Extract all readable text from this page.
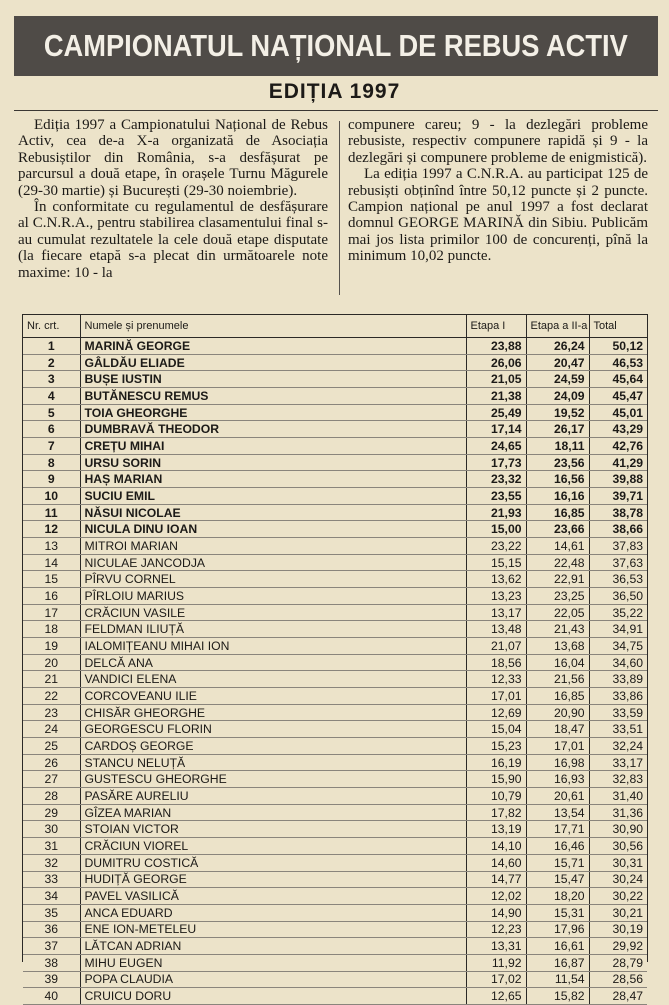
CAMPIONATUL NAȚIONAL DE REBUS ACTIV
EDIȚIA 1997

Ediția 1997 a Campionatului Național de Rebus Activ, cea de-a X-a organizată de Asociația Rebusiștilor din România, s-a desfășurat pe parcursul a două etape, în orașele Turnu Măgurele (29-30 martie) și București (29-30 noiembrie).

În conformitate cu regulamentul de desfășurare al C.N.R.A., pentru stabilirea clasamentului final s-au cumulat rezultatele la cele două etape disputate (la fiecare etapă s-a plecat din următoarele note maxime: 10 - la

compunere careu; 9 - la dezlegări probleme rebusiste, respectiv compunere rapidă și 9 - la dezlegări și compunere probleme de enigmistică).

La ediția 1997 a C.N.R.A. au participat 125 de rebusiști obținînd între 50,12 puncte și 2 puncte. Campion național pe anul 1997 a fost declarat domnul GEORGE MARINĂ din Sibiu. Publicăm mai jos lista primilor 100 de concurenți, pînă la minimum 10,02 puncte.

Nr. crt.	Numele și prenumele	Etapa I	Etapa a II-a	Total
1	MARINĂ GEORGE	23,88	26,24	50,12
2	GÂLDĂU ELIADE	26,06	20,47	46,53
3	BUȘE IUSTIN	21,05	24,59	45,64
4	BUTĂNESCU REMUS	21,38	24,09	45,47
5	TOIA GHEORGHE	25,49	19,52	45,01
6	DUMBRAVĂ THEODOR	17,14	26,17	43,29
7	CREȚU MIHAI	24,65	18,11	42,76
8	URSU SORIN	17,73	23,56	41,29
9	HAȘ MARIAN	23,32	16,56	39,88
10	SUCIU EMIL	23,55	16,16	39,71
11	NĂSUI NICOLAE	21,93	16,85	38,78
12	NICULA DINU IOAN	15,00	23,66	38,66
13	MITROI MARIAN	23,22	14,61	37,83
14	NICULAE JANCODJA	15,15	22,48	37,63
15	PÎRVU CORNEL	13,62	22,91	36,53
16	PÎRLOIU MARIUS	13,23	23,25	36,50
17	CRĂCIUN VASILE	13,17	22,05	35,22
18	FELDMAN ILIUȚĂ	13,48	21,43	34,91
19	IALOMIȚEANU MIHAI ION	21,07	13,68	34,75
20	DELCĂ ANA	18,56	16,04	34,60
21	VANDICI ELENA	12,33	21,56	33,89
22	CORCOVEANU ILIE	17,01	16,85	33,86
23	CHISĂR GHEORGHE	12,69	20,90	33,59
24	GEORGESCU FLORIN	15,04	18,47	33,51
25	CARDOȘ GEORGE	15,23	17,01	32,24
26	STANCU NELUȚĂ	16,19	16,98	33,17
27	GUSTESCU GHEORGHE	15,90	16,93	32,83
28	PASĂRE AURELIU	10,79	20,61	31,40
29	GÎZEA MARIAN	17,82	13,54	31,36
30	STOIAN VICTOR	13,19	17,71	30,90
31	CRĂCIUN VIOREL	14,10	16,46	30,56
32	DUMITRU COSTICĂ	14,60	15,71	30,31
33	HUDIȚĂ GEORGE	14,77	15,47	30,24
34	PAVEL VASILICĂ	12,02	18,20	30,22
35	ANCA EDUARD	14,90	15,31	30,21
36	ENE ION-METELEU	12,23	17,96	30,19
37	LĂTCAN ADRIAN	13,31	16,61	29,92
38	MIHU EUGEN	11,92	16,87	28,79
39	POPA CLAUDIA	17,02	11,54	28,56
40	CRUICU DORU	12,65	15,82	28,47
